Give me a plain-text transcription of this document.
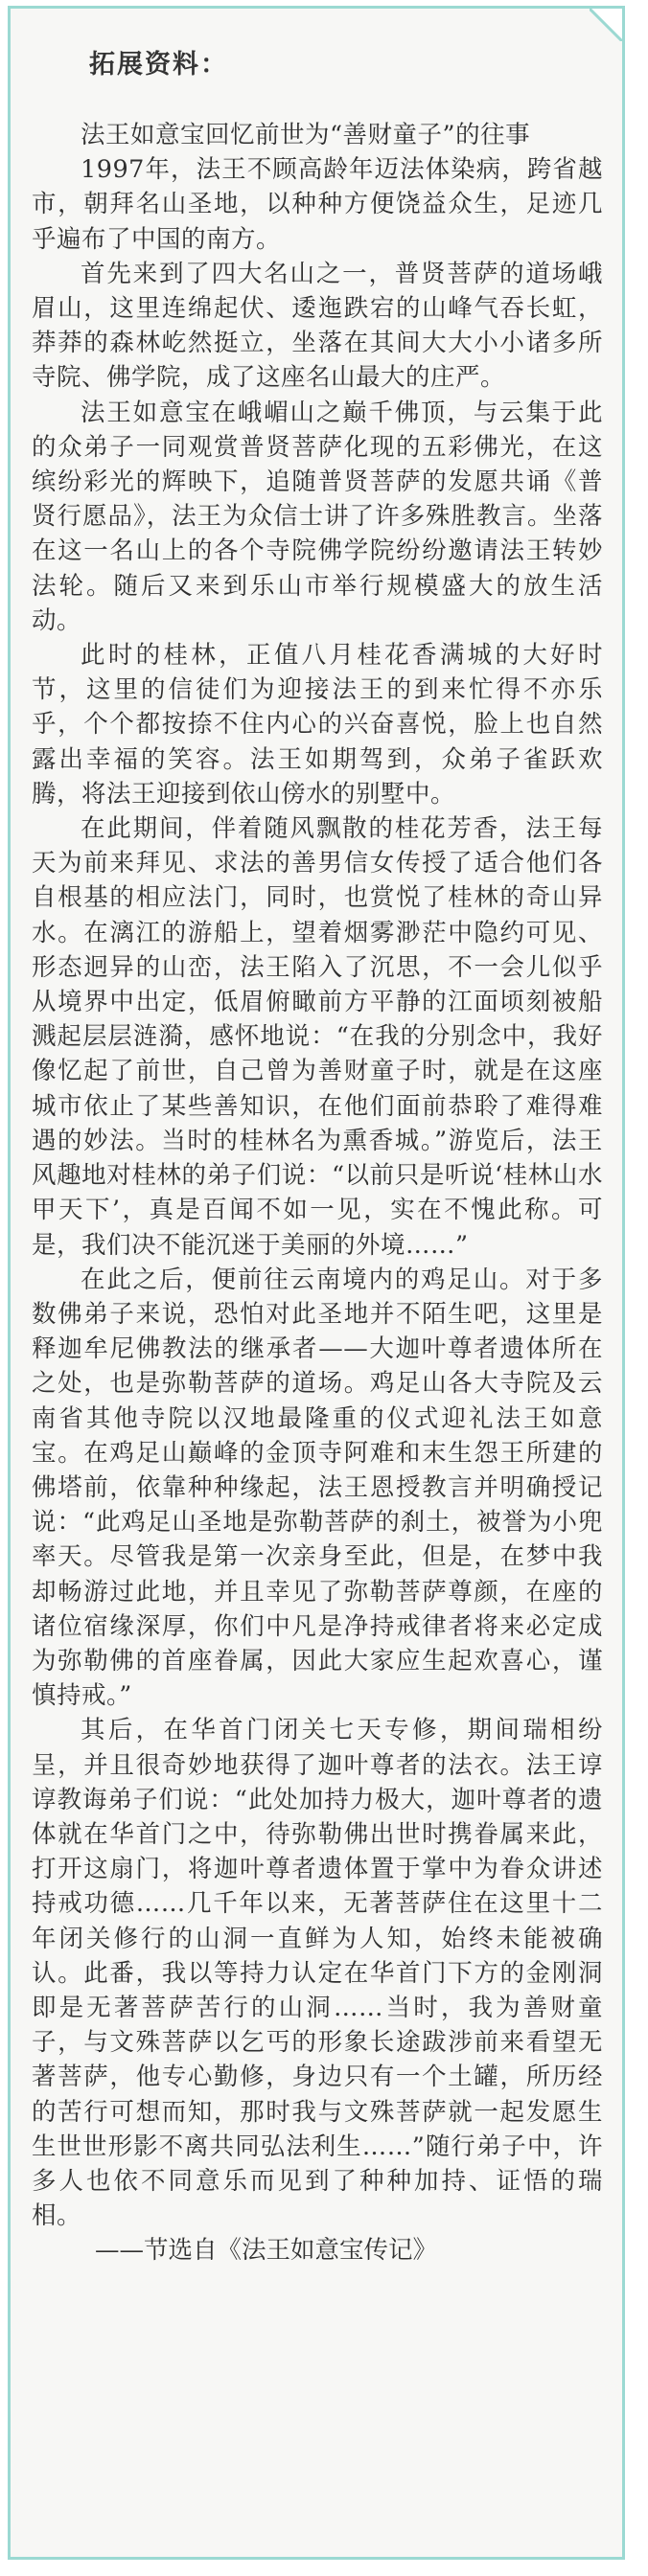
拓展资料：

法王如意宝回忆前世为“善财童子”的往事

1997年，法王不顾高龄年迈法体染病，跨省越市，朝拜名山圣地，以种种方便饶益众生，足迹几乎遍布了中国的南方。

首先来到了四大名山之一，普贤菩萨的道场峨眉山，这里连绵起伏、逶迤跌宕的山峰气吞长虹，莽莽的森林屹然挺立，坐落在其间大大小小诸多所寺院、佛学院，成了这座名山最大的庄严。

法王如意宝在峨嵋山之巅千佛顶，与云集于此的众弟子一同观赏普贤菩萨化现的五彩佛光，在这缤纷彩光的辉映下，追随普贤菩萨的发愿共诵《普贤行愿品》，法王为众信士讲了许多殊胜教言。坐落在这一名山上的各个寺院佛学院纷纷邀请法王转妙法轮。随后又来到乐山市举行规模盛大的放生活动。

此时的桂林，正值八月桂花香满城的大好时节，这里的信徒们为迎接法王的到来忙得不亦乐乎，个个都按捺不住内心的兴奋喜悦，脸上也自然露出幸福的笑容。法王如期驾到，众弟子雀跃欢腾，将法王迎接到依山傍水的别墅中。

在此期间，伴着随风飘散的桂花芳香，法王每天为前来拜见、求法的善男信女传授了适合他们各自根基的相应法门，同时，也赏悦了桂林的奇山异水。在漓江的游船上，望着烟雾渺茫中隐约可见、形态迥异的山峦，法王陷入了沉思，不一会儿似乎从境界中出定，低眉俯瞰前方平静的江面顷刻被船溅起层层涟漪，感怀地说：“在我的分别念中，我好像忆起了前世，自己曾为善财童子时，就是在这座城市依止了某些善知识，在他们面前恭聆了难得难遇的妙法。当时的桂林名为熏香城。”游览后，法王风趣地对桂林的弟子们说：“以前只是听说‘桂林山水甲天下’，真是百闻不如一见，实在不愧此称。可是，我们决不能沉迷于美丽的外境……”

在此之后，便前往云南境内的鸡足山。对于多数佛弟子来说，恐怕对此圣地并不陌生吧，这里是释迦牟尼佛教法的继承者——大迦叶尊者遗体所在之处，也是弥勒菩萨的道场。鸡足山各大寺院及云南省其他寺院以汉地最隆重的仪式迎礼法王如意宝。在鸡足山巅峰的金顶寺阿难和末生怨王所建的佛塔前，依靠种种缘起，法王恩授教言并明确授记说：“此鸡足山圣地是弥勒菩萨的刹土，被誉为小兜率天。尽管我是第一次亲身至此，但是，在梦中我却畅游过此地，并且幸见了弥勒菩萨尊颜，在座的诸位宿缘深厚，你们中凡是净持戒律者将来必定成为弥勒佛的首座眷属，因此大家应生起欢喜心，谨慎持戒。”

其后，在华首门闭关七天专修，期间瑞相纷呈，并且很奇妙地获得了迦叶尊者的法衣。法王谆谆教诲弟子们说：“此处加持力极大，迦叶尊者的遗体就在华首门之中，待弥勒佛出世时携眷属来此，打开这扇门，将迦叶尊者遗体置于掌中为眷众讲述持戒功德……几千年以来，无著菩萨住在这里十二年闭关修行的山洞一直鲜为人知，始终未能被确认。此番，我以等持力认定在华首门下方的金刚洞即是无著菩萨苦行的山洞……当时，我为善财童子，与文殊菩萨以乞丐的形象长途跋涉前来看望无著菩萨，他专心勤修，身边只有一个土罐，所历经的苦行可想而知，那时我与文殊菩萨就一起发愿生生世世形影不离共同弘法利生……”随行弟子中，许多人也依不同意乐而见到了种种加持、证悟的瑞相。

——节选自《法王如意宝传记》
